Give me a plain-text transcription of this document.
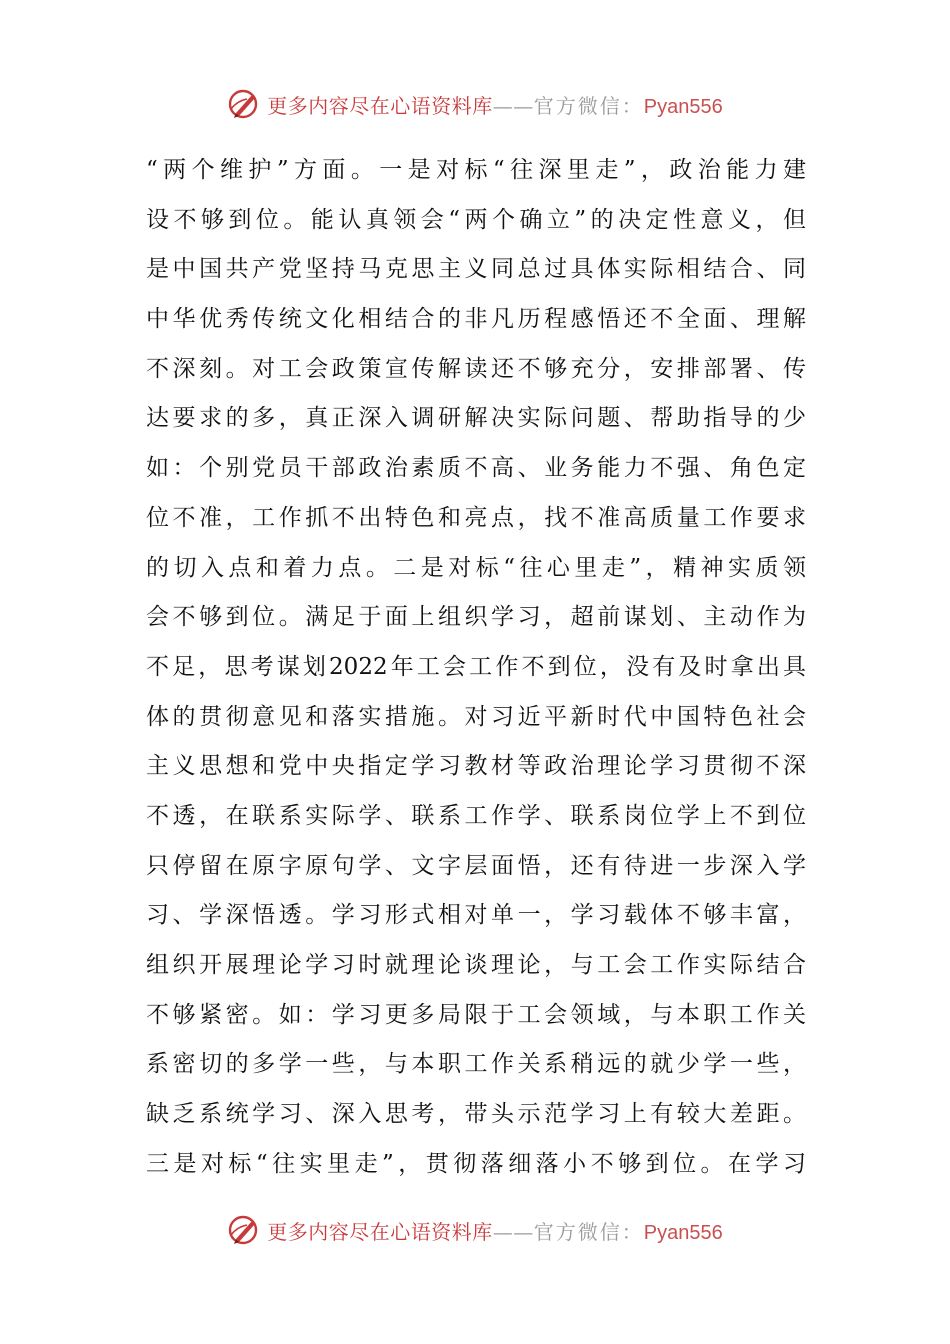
更多内容尽在心语资料库——官方微信：Pyan556
“两个维护”方面。一是对标“往深里走”，政治能力建
设不够到位。能认真领会“两个确立”的决定性意义，但
是中国共产党坚持马克思主义同总过具体实际相结合、同
中华优秀传统文化相结合的非凡历程感悟还不全面、理解
不深刻。对工会政策宣传解读还不够充分，安排部署、传
达要求的多，真正深入调研解决实际问题、帮助指导的少
如：个别党员干部政治素质不高、业务能力不强、角色定
位不准，工作抓不出特色和亮点，找不准高质量工作要求
的切入点和着力点。二是对标“往心里走”，精神实质领
会不够到位。满足于面上组织学习，超前谋划、主动作为
不足，思考谋划2022年工会工作不到位，没有及时拿出具
体的贯彻意见和落实措施。对习近平新时代中国特色社会
主义思想和党中央指定学习教材等政治理论学习贯彻不深
不透，在联系实际学、联系工作学、联系岗位学上不到位
只停留在原字原句学、文字层面悟，还有待进一步深入学
习、学深悟透。学习形式相对单一，学习载体不够丰富，
组织开展理论学习时就理论谈理论，与工会工作实际结合
不够紧密。如：学习更多局限于工会领域，与本职工作关
系密切的多学一些，与本职工作关系稍远的就少学一些，
缺乏系统学习、深入思考，带头示范学习上有较大差距。
三是对标“往实里走”，贯彻落细落小不够到位。在学习
更多内容尽在心语资料库——官方微信：Pyan556
